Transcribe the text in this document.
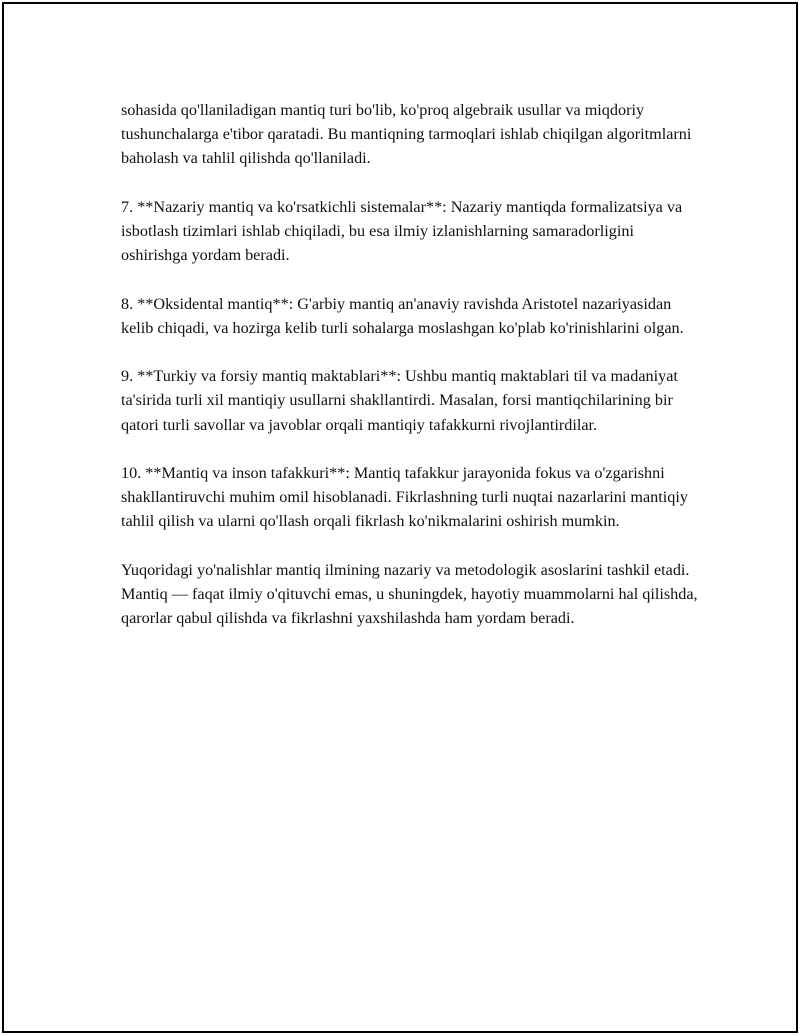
sohasida qo'llaniladigan mantiq turi bo'lib, ko'proq algebraik usullar va miqdoriy tushunchalarga e'tibor qaratadi. Bu mantiqning tarmoqlari ishlab chiqilgan algoritmlarni baholash va tahlil qilishda qo'llaniladi.

7. **Nazariy mantiq va ko'rsatkichli sistemalar**: Nazariy mantiqda formalizatsiya va isbotlash tizimlari ishlab chiqiladi, bu esa ilmiy izlanishlarning samaradorligini oshirishga yordam beradi.

8. **Oksidental mantiq**: G'arbiy mantiq an'anaviy ravishda Aristotel nazariyasidan kelib chiqadi, va hozirga kelib turli sohalarga moslashgan ko'plab ko'rinishlarini olgan.

9. **Turkiy va forsiy mantiq maktablari**: Ushbu mantiq maktablari til va madaniyat ta'sirida turli xil mantiqiy usullarni shakllantirdi. Masalan, forsi mantiqchilarining bir qatori turli savollar va javoblar orqali mantiqiy tafakkurni rivojlantirdilar.

10. **Mantiq va inson tafakkuri**: Mantiq tafakkur jarayonida fokus va o'zgarishni shakllantiruvchi muhim omil hisoblanadi. Fikrlashning turli nuqtai nazarlarini mantiqiy tahlil qilish va ularni qo'llash orqali fikrlash ko'nikmalarini oshirish mumkin.

Yuqoridagi yo'nalishlar mantiq ilmining nazariy va metodologik asoslarini tashkil etadi. Mantiq — faqat ilmiy o'qituvchi emas, u shuningdek, hayotiy muammolarni hal qilishda, qarorlar qabul qilishda va fikrlashni yaxshilashda ham yordam beradi.
